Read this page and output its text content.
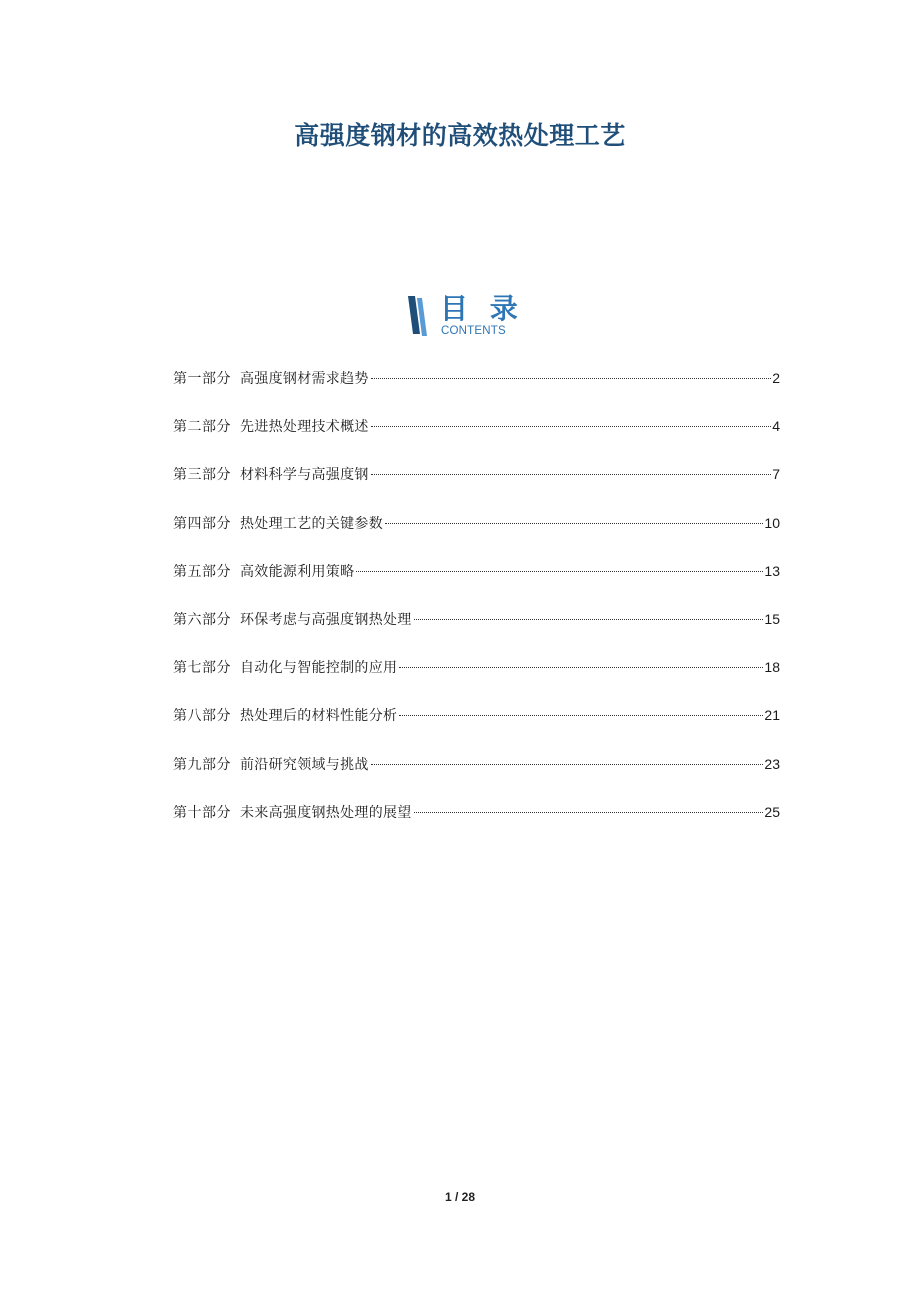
高强度钢材的高效热处理工艺
目 录
CONTENTS
第一部分 高强度钢材需求趋势	2
第二部分 先进热处理技术概述	4
第三部分 材料科学与高强度钢	7
第四部分 热处理工艺的关键参数	10
第五部分 高效能源利用策略	13
第六部分 环保考虑与高强度钢热处理	15
第七部分 自动化与智能控制的应用	18
第八部分 热处理后的材料性能分析	21
第九部分 前沿研究领域与挑战	23
第十部分 未来高强度钢热处理的展望	25
1 / 28
